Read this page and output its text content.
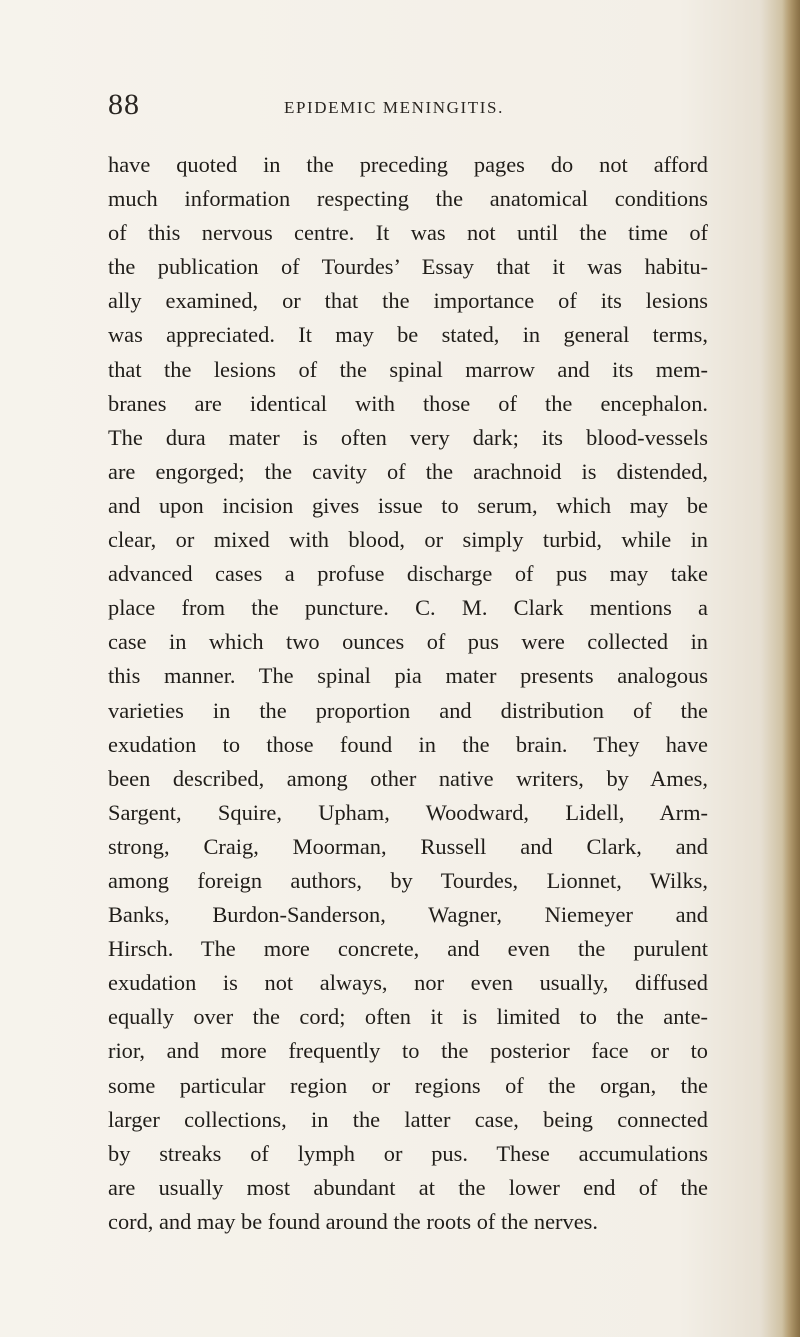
88	EPIDEMIC MENINGITIS.
have quoted in the preceding pages do not afford
much information respecting the anatomical conditions
of this nervous centre. It was not until the time of
the publication of Tourdes’ Essay that it was habitu-
ally examined, or that the importance of its lesions
was appreciated. It may be stated, in general terms,
that the lesions of the spinal marrow and its mem-
branes are identical with those of the encephalon.
The dura mater is often very dark; its blood-vessels
are engorged; the cavity of the arachnoid is distended,
and upon incision gives issue to serum, which may be
clear, or mixed with blood, or simply turbid, while in
advanced cases a profuse discharge of pus may take
place from the puncture. C. M. Clark mentions a
case in which two ounces of pus were collected in
this manner. The spinal pia mater presents analogous
varieties in the proportion and distribution of the
exudation to those found in the brain. They have
been described, among other native writers, by Ames,
Sargent, Squire, Upham, Woodward, Lidell, Arm-
strong, Craig, Moorman, Russell and Clark, and
among foreign authors, by Tourdes, Lionnet, Wilks,
Banks, Burdon-Sanderson, Wagner, Niemeyer and
Hirsch. The more concrete, and even the purulent
exudation is not always, nor even usually, diffused
equally over the cord; often it is limited to the ante-
rior, and more frequently to the posterior face or to
some particular region or regions of the organ, the
larger collections, in the latter case, being connected
by streaks of lymph or pus. These accumulations
are usually most abundant at the lower end of the
cord, and may be found around the roots of the nerves.
